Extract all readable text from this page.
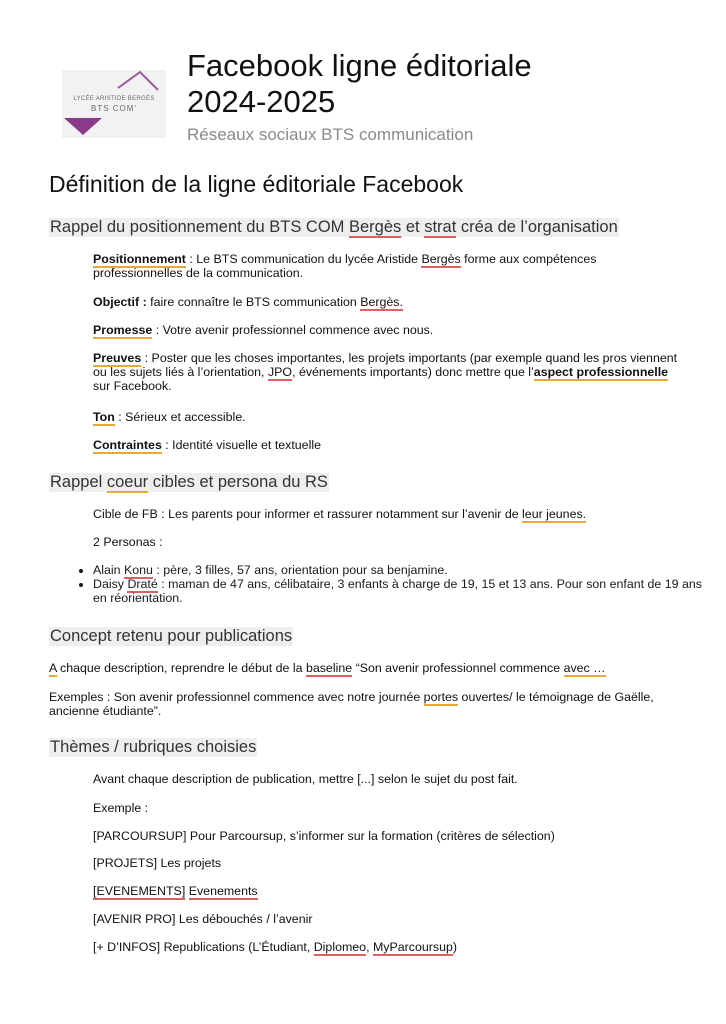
LYCÉE ARISTIDE BERGÈS
BTS COM'
Facebook ligne éditoriale
2024-2025
Réseaux sociaux BTS communication
Définition de la ligne éditoriale Facebook
Rappel du positionnement du BTS COM Bergès et strat créa de l’organisation

Positionnement : Le BTS communication du lycée Aristide Bergès forme aux compétences professionnelles de la communication.

Objectif : faire connaître le BTS communication Bergès.

Promesse : Votre avenir professionnel commence avec nous.

Preuves : Poster que les choses importantes, les projets importants (par exemple quand les pros viennent ou les sujets liés à l’orientation, JPO, événements importants) donc mettre que l’aspect professionnelle sur Facebook.

Ton : Sérieux et accessible.

Contraintes : Identité visuelle et textuelle

Rappel coeur cibles et persona du RS

Cible de FB : Les parents pour informer et rassurer notamment sur l’avenir de leur jeunes.

2 Personas :

• Alain Konu : père, 3 filles, 57 ans, orientation pour sa benjamine.
• Daisy Draté : maman de 47 ans, célibataire, 3 enfants à charge de 19, 15 et 13 ans. Pour son enfant de 19 ans en réorientation.
Concept retenu pour publications

A chaque description, reprendre le début de la baseline “Son avenir professionnel commence avec …

Exemples : Son avenir professionnel commence avec notre journée portes ouvertes/ le témoignage de Gaëlle, ancienne étudiante”.

Thèmes / rubriques choisies

Avant chaque description de publication, mettre [...] selon le sujet du post fait.

Exemple :

[PARCOURSUP] Pour Parcoursup, s’informer sur la formation (critères de sélection)

[PROJETS] Les projets

[EVENEMENTS] Evenements

[AVENIR PRO] Les débouchés / l’avenir

[+ D’INFOS] Republications (L’Étudiant, Diplomeo, MyParcoursup)
